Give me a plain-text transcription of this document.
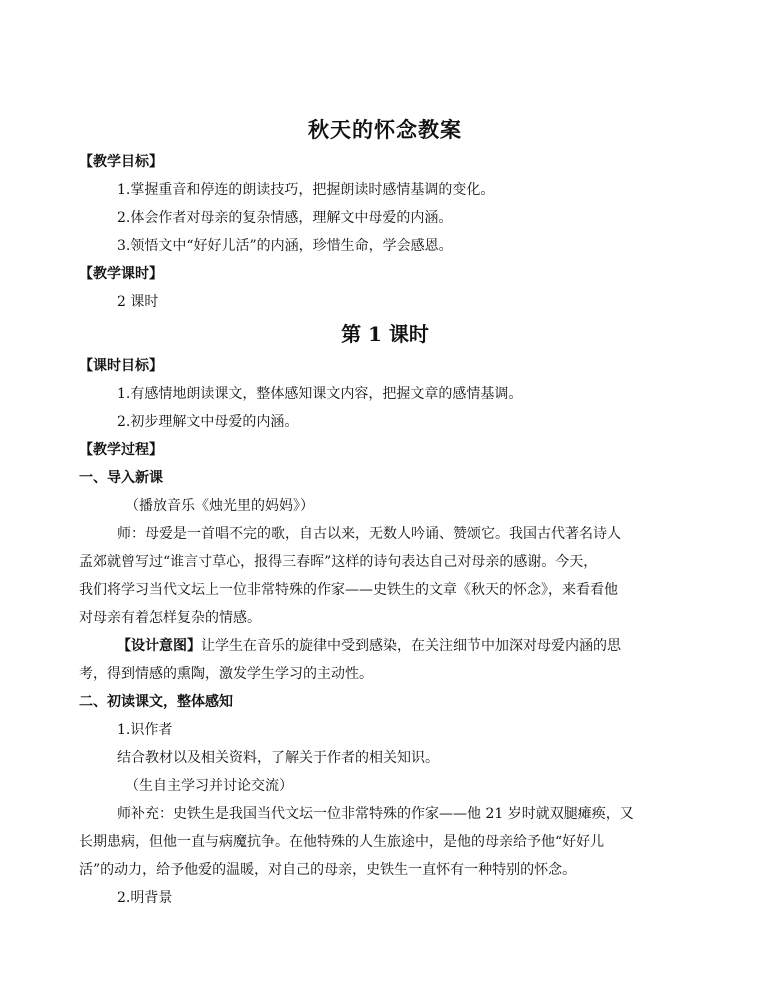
秋天的怀念教案
【教学目标】
1.掌握重音和停连的朗读技巧，把握朗读时感情基调的变化。
2.体会作者对母亲的复杂情感，理解文中母爱的内涵。
3.领悟文中“好好儿活”的内涵，珍惜生命，学会感恩。
【教学课时】
2 课时
第 1 课时
【课时目标】
1.有感情地朗读课文，整体感知课文内容，把握文章的感情基调。
2.初步理解文中母爱的内涵。
【教学过程】
一、导入新课
（播放音乐《烛光里的妈妈》）
师：母爱是一首唱不完的歌，自古以来，无数人吟诵、赞颂它。我国古代著名诗人
孟郊就曾写过“谁言寸草心，报得三春晖”这样的诗句表达自己对母亲的感谢。今天，
我们将学习当代文坛上一位非常特殊的作家——史铁生的文章《秋天的怀念》，来看看他
对母亲有着怎样复杂的情感。
【设计意图】让学生在音乐的旋律中受到感染，在关注细节中加深对母爱内涵的思
考，得到情感的熏陶，激发学生学习的主动性。
二、初读课文，整体感知
1.识作者
结合教材以及相关资料，了解关于作者的相关知识。
（生自主学习并讨论交流）
师补充：史铁生是我国当代文坛一位非常特殊的作家——他 21 岁时就双腿瘫痪，又
长期患病，但他一直与病魔抗争。在他特殊的人生旅途中，是他的母亲给予他“好好儿
活”的动力，给予他爱的温暖，对自己的母亲，史铁生一直怀有一种特别的怀念。
2.明背景
